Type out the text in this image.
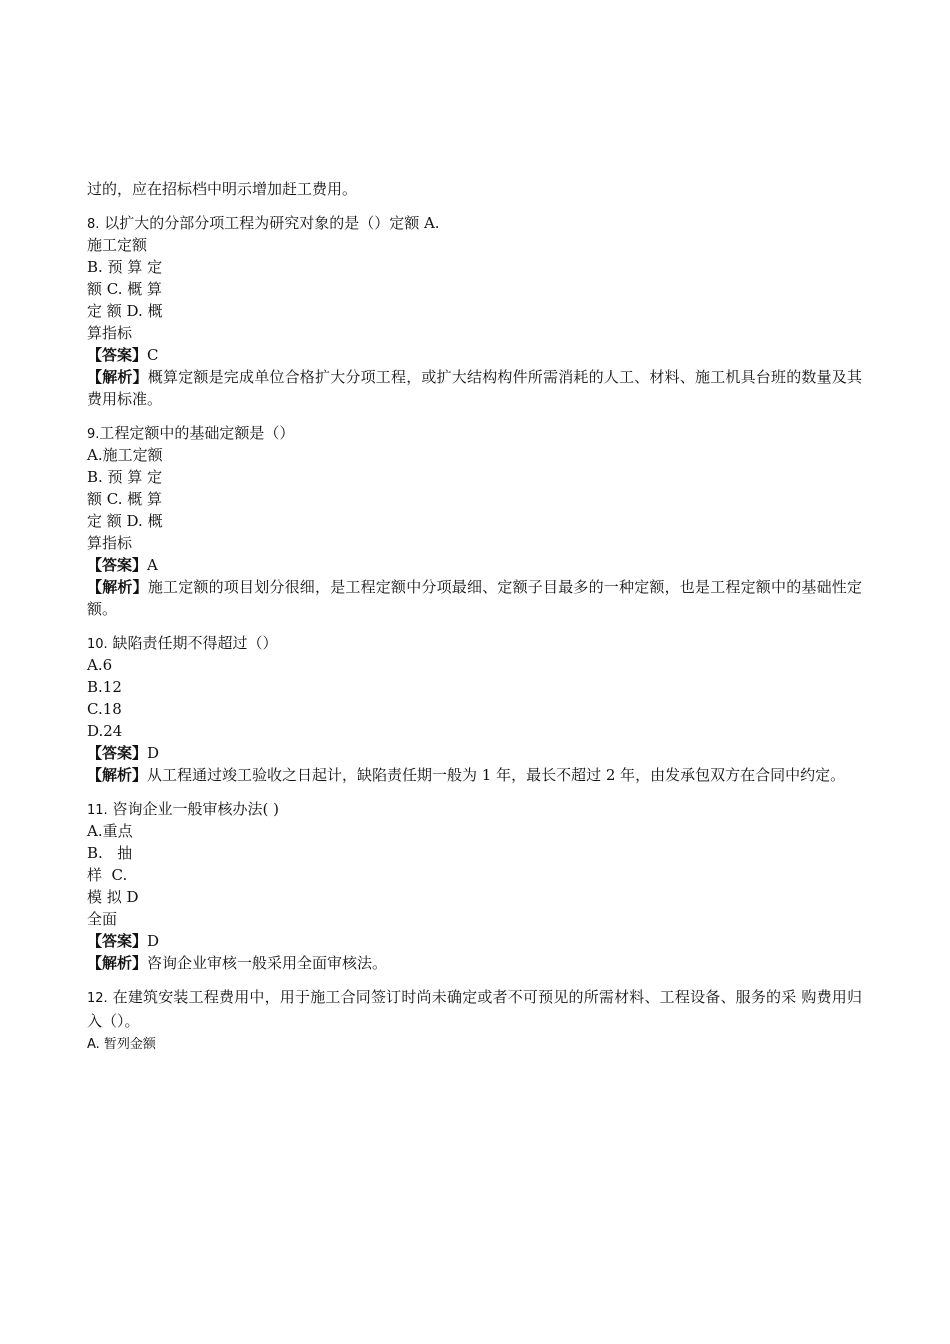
过的，应在招标档中明示增加赶工费用。
8. 以扩大的分部分项工程为研究对象的是（）定额 A.
施工定额
B. 预 算 定
额 C. 概 算
定 额 D. 概
算指标
【答案】C
【解析】概算定额是完成单位合格扩大分项工程，或扩大结构构件所需消耗的人工、材料、施工机具台班的数量及其费用标准。
9.工程定额中的基础定额是（）
A.施工定额
B. 预 算 定
额 C. 概 算
定 额 D. 概
算指标
【答案】A
【解析】施工定额的项目划分很细，是工程定额中分项最细、定额子目最多的一种定额，也是工程定额中的基础性定额。
10. 缺陷责任期不得超过（）
A.6
B.12
C.18
D.24
【答案】D
【解析】从工程通过竣工验收之日起计，缺陷责任期一般为 1 年，最长不超过 2 年，由发承包双方在合同中约定。
11. 咨询企业一般审核办法( )
A.重点
B.   抽
样  C.
模 拟 D
全面
【答案】D
【解析】咨询企业审核一般采用全面审核法。
12. 在建筑安装工程费用中，用于施工合同签订时尚未确定或者不可预见的所需材料、工程设备、服务的采 购费用归入（）。
A. 暂列金额
